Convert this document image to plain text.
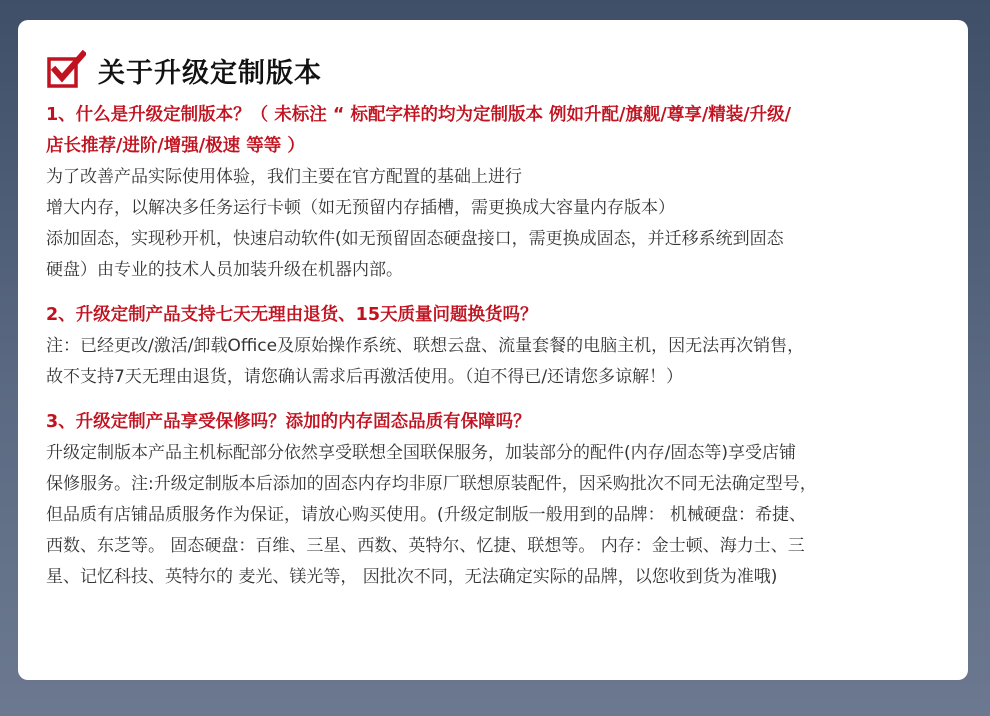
关于升级定制版本
1、什么是升级定制版本？（ 未标注 “ 标配字样的均为定制版本 例如升配/旗舰/尊享/精装/升级/
店长推荐/进阶/增强/极速 等等 ）
为了改善产品实际使用体验，我们主要在官方配置的基础上进行
增大内存，以解决多任务运行卡顿（如无预留内存插槽，需更换成大容量内存版本）
添加固态，实现秒开机，快速启动软件(如无预留固态硬盘接口，需更换成固态，并迁移系统到固态
硬盘）由专业的技术人员加装升级在机器内部。
2、升级定制产品支持七天无理由退货、15天质量问题换货吗？
注：已经更改/激活/卸载Office及原始操作系统、联想云盘、流量套餐的电脑主机，因无法再次销售，
故不支持7天无理由退货，请您确认需求后再激活使用。（迫不得已/还请您多谅解！）
3、升级定制产品享受保修吗？添加的内存固态品质有保障吗？
升级定制版本产品主机标配部分依然享受联想全国联保服务，加装部分的配件(内存/固态等)享受店铺
保修服务。注:升级定制版本后添加的固态内存均非原厂联想原装配件，因采购批次不同无法确定型号，
但品质有店铺品质服务作为保证，请放心购买使用。(升级定制版一般用到的品牌： 机械硬盘：希捷、
西数、东芝等。 固态硬盘：百维、三星、西数、英特尔、忆捷、联想等。 内存：金士顿、海力士、三
星、记忆科技、英特尔的 麦光、镁光等， 因批次不同，无法确定实际的品牌，以您收到货为准哦)
